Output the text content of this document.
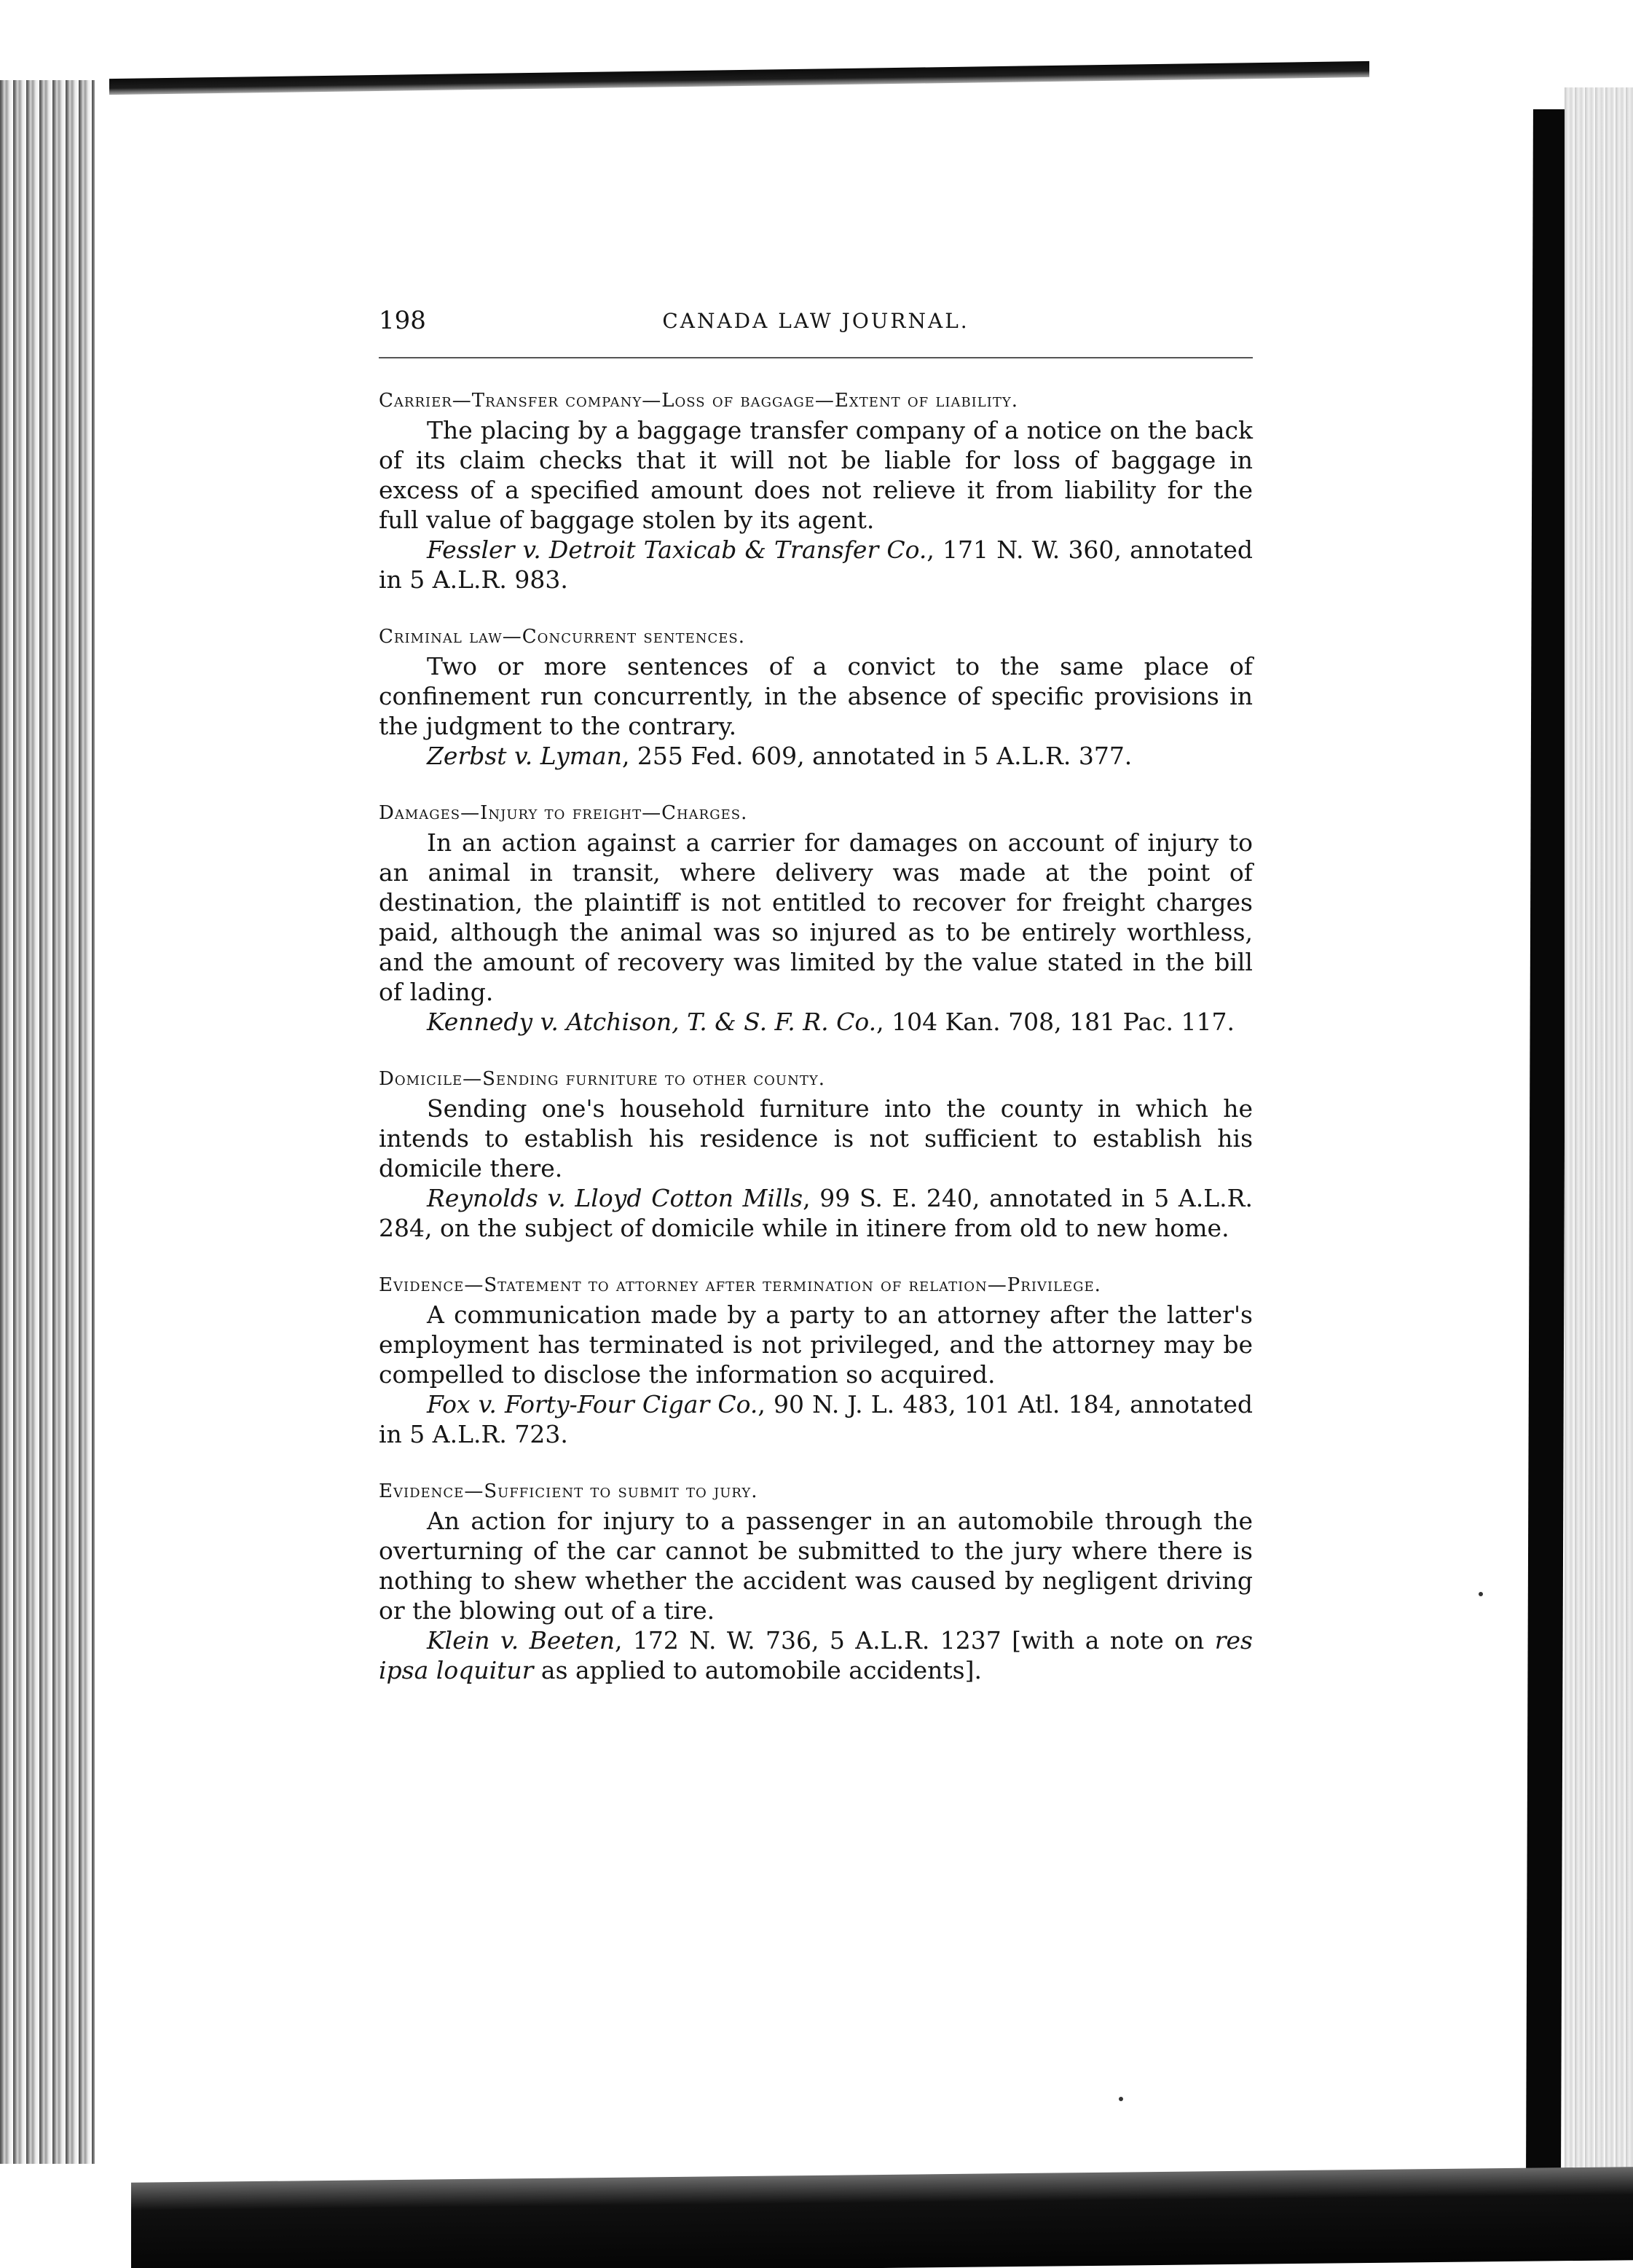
198	CANADA LAW JOURNAL.
Carrier—Transfer company—Loss of baggage—Extent of liability.

The placing by a baggage transfer company of a notice on the back of its claim checks that it will not be liable for loss of baggage in excess of a specified amount does not relieve it from liability for the full value of baggage stolen by its agent.

Fessler v. Detroit Taxicab & Transfer Co., 171 N. W. 360, annotated in 5 A.L.R. 983.

Criminal law—Concurrent sentences.

Two or more sentences of a convict to the same place of confinement run concurrently, in the absence of specific provisions in the judgment to the contrary.

Zerbst v. Lyman, 255 Fed. 609, annotated in 5 A.L.R. 377.

Damages—Injury to freight—Charges.

In an action against a carrier for damages on account of injury to an animal in transit, where delivery was made at the point of destination, the plaintiff is not entitled to recover for freight charges paid, although the animal was so injured as to be entirely worthless, and the amount of recovery was limited by the value stated in the bill of lading.

Kennedy v. Atchison, T. & S. F. R. Co., 104 Kan. 708, 181 Pac. 117.

Domicile—Sending furniture to other county.

Sending one's household furniture into the county in which he intends to establish his residence is not sufficient to establish his domicile there.

Reynolds v. Lloyd Cotton Mills, 99 S. E. 240, annotated in 5 A.L.R. 284, on the subject of domicile while in itinere from old to new home.

Evidence—Statement to attorney after termination of relation—Privilege.

A communication made by a party to an attorney after the latter's employment has terminated is not privileged, and the attorney may be compelled to disclose the information so acquired.

Fox v. Forty-Four Cigar Co., 90 N. J. L. 483, 101 Atl. 184, annotated in 5 A.L.R. 723.

Evidence—Sufficient to submit to jury.

An action for injury to a passenger in an automobile through the overturning of the car cannot be submitted to the jury where there is nothing to shew whether the accident was caused by negligent driving or the blowing out of a tire.

Klein v. Beeten, 172 N. W. 736, 5 A.L.R. 1237 [with a note on res ipsa loquitur as applied to automobile accidents].
